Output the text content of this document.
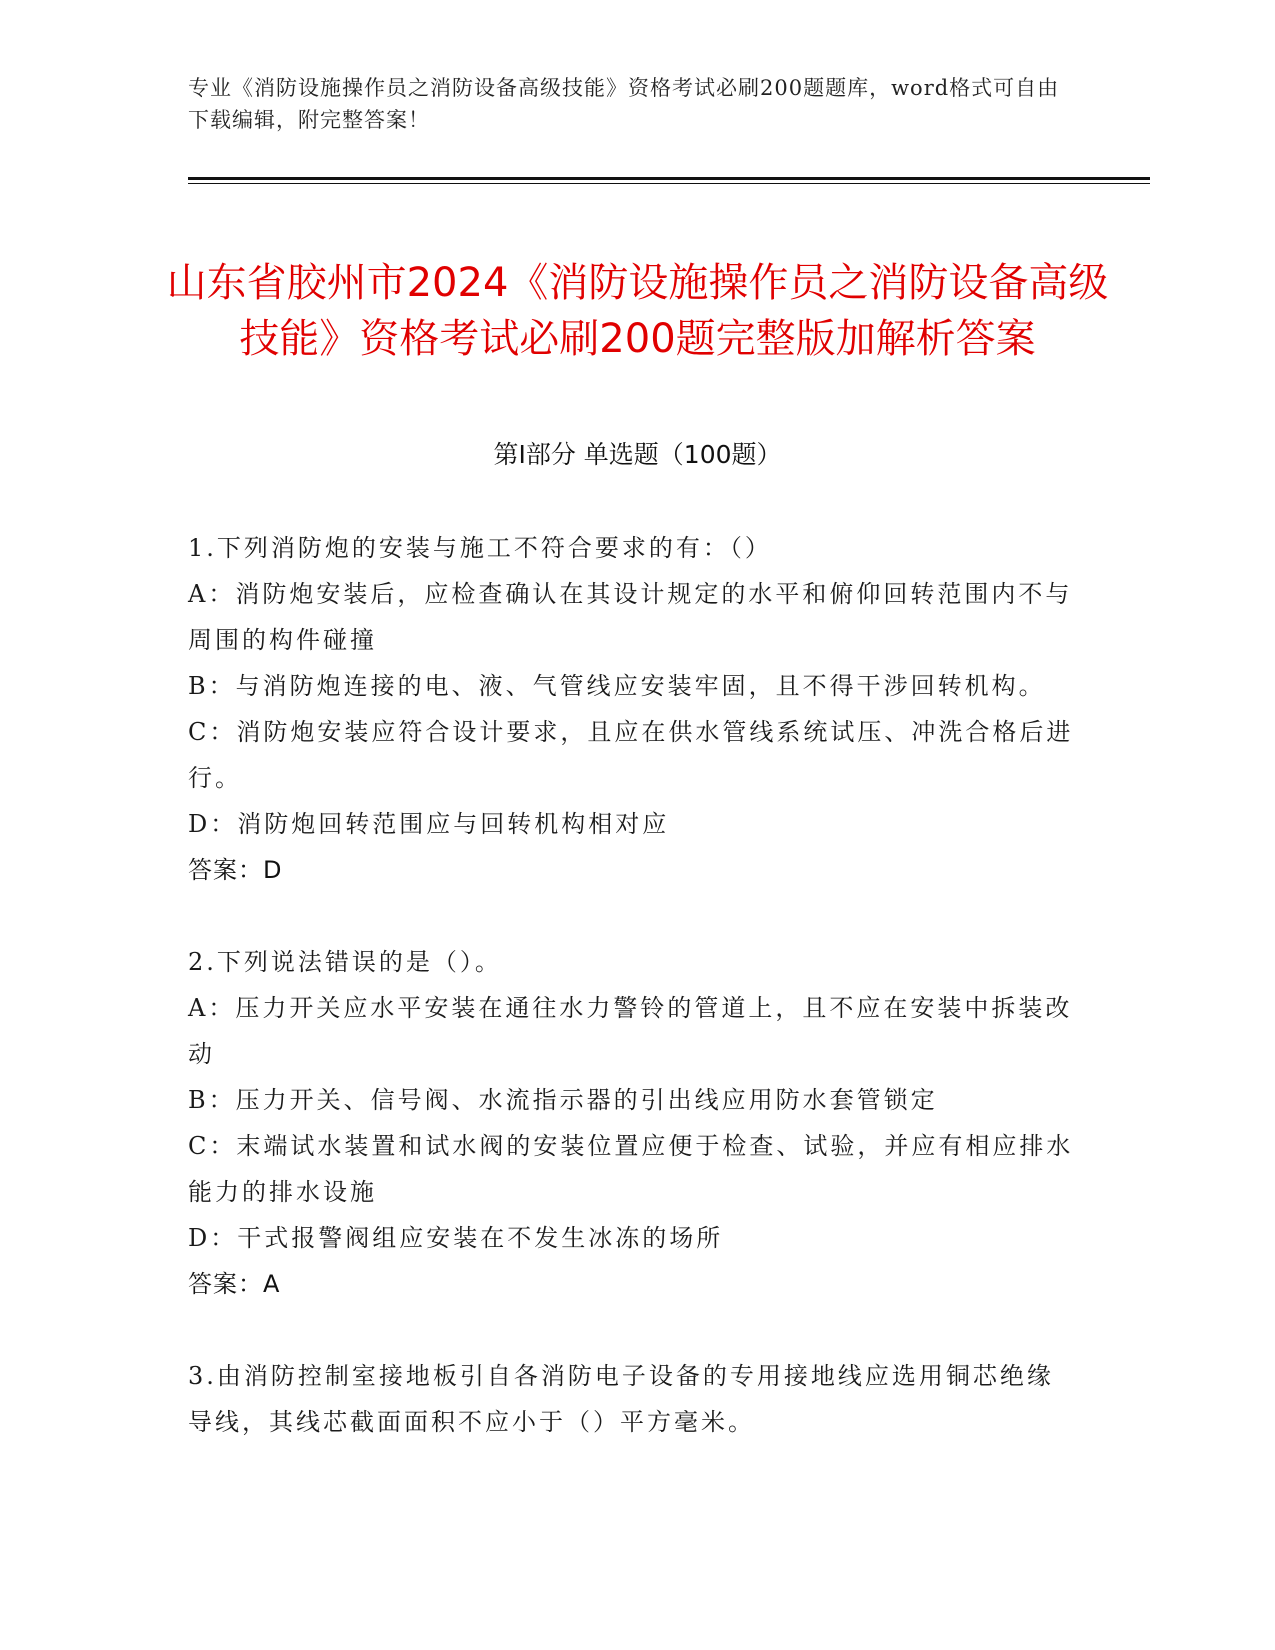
专业《消防设施操作员之消防设备高级技能》资格考试必刷200题题库，word格式可自由下载编辑，附完整答案！
山东省胶州市2024《消防设施操作员之消防设备高级技能》资格考试必刷200题完整版加解析答案
第Ⅰ部分 单选题（100题）
1.下列消防炮的安装与施工不符合要求的有：（）
A：消防炮安装后，应检查确认在其设计规定的水平和俯仰回转范围内不与周围的构件碰撞
B：与消防炮连接的电、液、气管线应安装牢固，且不得干涉回转机构。
C：消防炮安装应符合设计要求，且应在供水管线系统试压、冲洗合格后进行。
D：消防炮回转范围应与回转机构相对应
答案：D
2.下列说法错误的是（）。
A：压力开关应水平安装在通往水力警铃的管道上，且不应在安装中拆装改动
B：压力开关、信号阀、水流指示器的引出线应用防水套管锁定
C：末端试水装置和试水阀的安装位置应便于检查、试验，并应有相应排水能力的排水设施
D：干式报警阀组应安装在不发生冰冻的场所
答案：A
3.由消防控制室接地板引自各消防电子设备的专用接地线应选用铜芯绝缘导线，其线芯截面面积不应小于（）平方毫米。
